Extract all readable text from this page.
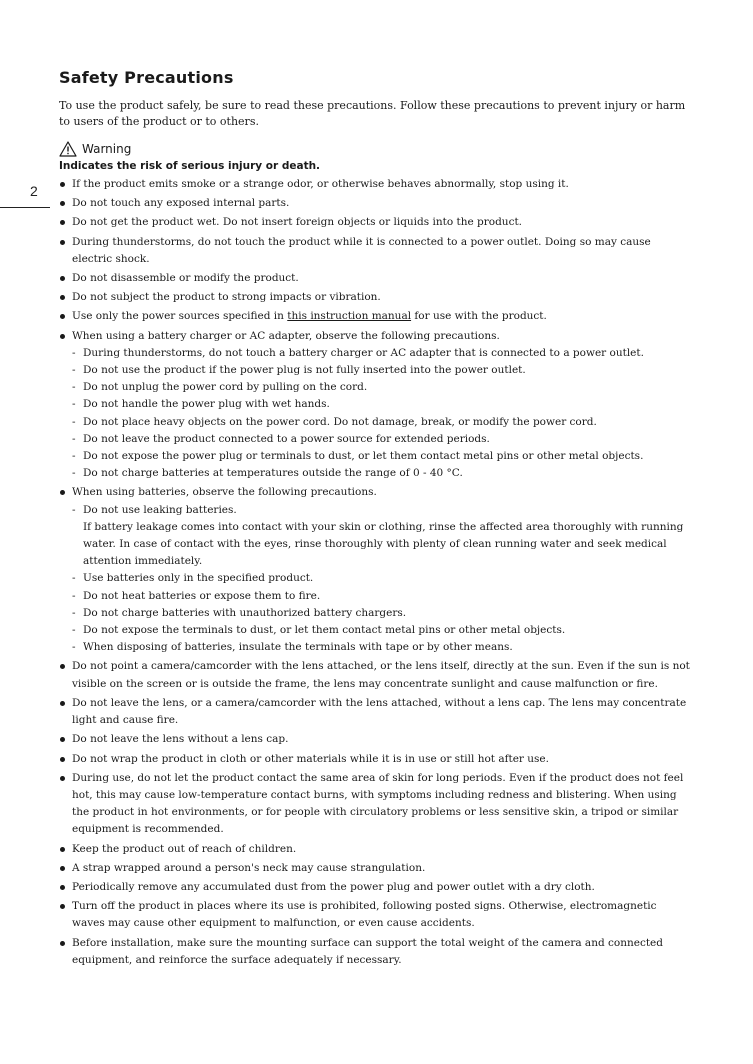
2
Safety Precautions

To use the product safely, be sure to read these precautions. Follow these precautions to prevent injury or harm to users of the product or to others.

Warning
Indicates the risk of serious injury or death.
If the product emits smoke or a strange odor, or otherwise behaves abnormally, stop using it.
Do not touch any exposed internal parts.
Do not get the product wet. Do not insert foreign objects or liquids into the product.
During thunderstorms, do not touch the product while it is connected to a power outlet. Doing so may cause electric shock.
Do not disassemble or modify the product.
Do not subject the product to strong impacts or vibration.
Use only the power sources specified in this instruction manual for use with the product.
When using a battery charger or AC adapter, observe the following precautions.
- During thunderstorms, do not touch a battery charger or AC adapter that is connected to a power outlet.
- Do not use the product if the power plug is not fully inserted into the power outlet.
- Do not unplug the power cord by pulling on the cord.
- Do not handle the power plug with wet hands.
- Do not place heavy objects on the power cord. Do not damage, break, or modify the power cord.
- Do not leave the product connected to a power source for extended periods.
- Do not expose the power plug or terminals to dust, or let them contact metal pins or other metal objects.
- Do not charge batteries at temperatures outside the range of 0 - 40 °C.
When using batteries, observe the following precautions.
- Do not use leaking batteries.
If battery leakage comes into contact with your skin or clothing, rinse the affected area thoroughly with running water. In case of contact with the eyes, rinse thoroughly with plenty of clean running water and seek medical attention immediately.
- Use batteries only in the specified product.
- Do not heat batteries or expose them to fire.
- Do not charge batteries with unauthorized battery chargers.
- Do not expose the terminals to dust, or let them contact metal pins or other metal objects.
- When disposing of batteries, insulate the terminals with tape or by other means.
Do not point a camera/camcorder with the lens attached, or the lens itself, directly at the sun. Even if the sun is not visible on the screen or is outside the frame, the lens may concentrate sunlight and cause malfunction or fire.
Do not leave the lens, or a camera/camcorder with the lens attached, without a lens cap. The lens may concentrate light and cause fire.
Do not leave the lens without a lens cap.
Do not wrap the product in cloth or other materials while it is in use or still hot after use.
During use, do not let the product contact the same area of skin for long periods. Even if the product does not feel hot, this may cause low-temperature contact burns, with symptoms including redness and blistering. When using the product in hot environments, or for people with circulatory problems or less sensitive skin, a tripod or similar equipment is recommended.
Keep the product out of reach of children.
A strap wrapped around a person's neck may cause strangulation.
Periodically remove any accumulated dust from the power plug and power outlet with a dry cloth.
Turn off the product in places where its use is prohibited, following posted signs. Otherwise, electromagnetic waves may cause other equipment to malfunction, or even cause accidents.
Before installation, make sure the mounting surface can support the total weight of the camera and connected equipment, and reinforce the surface adequately if necessary.
